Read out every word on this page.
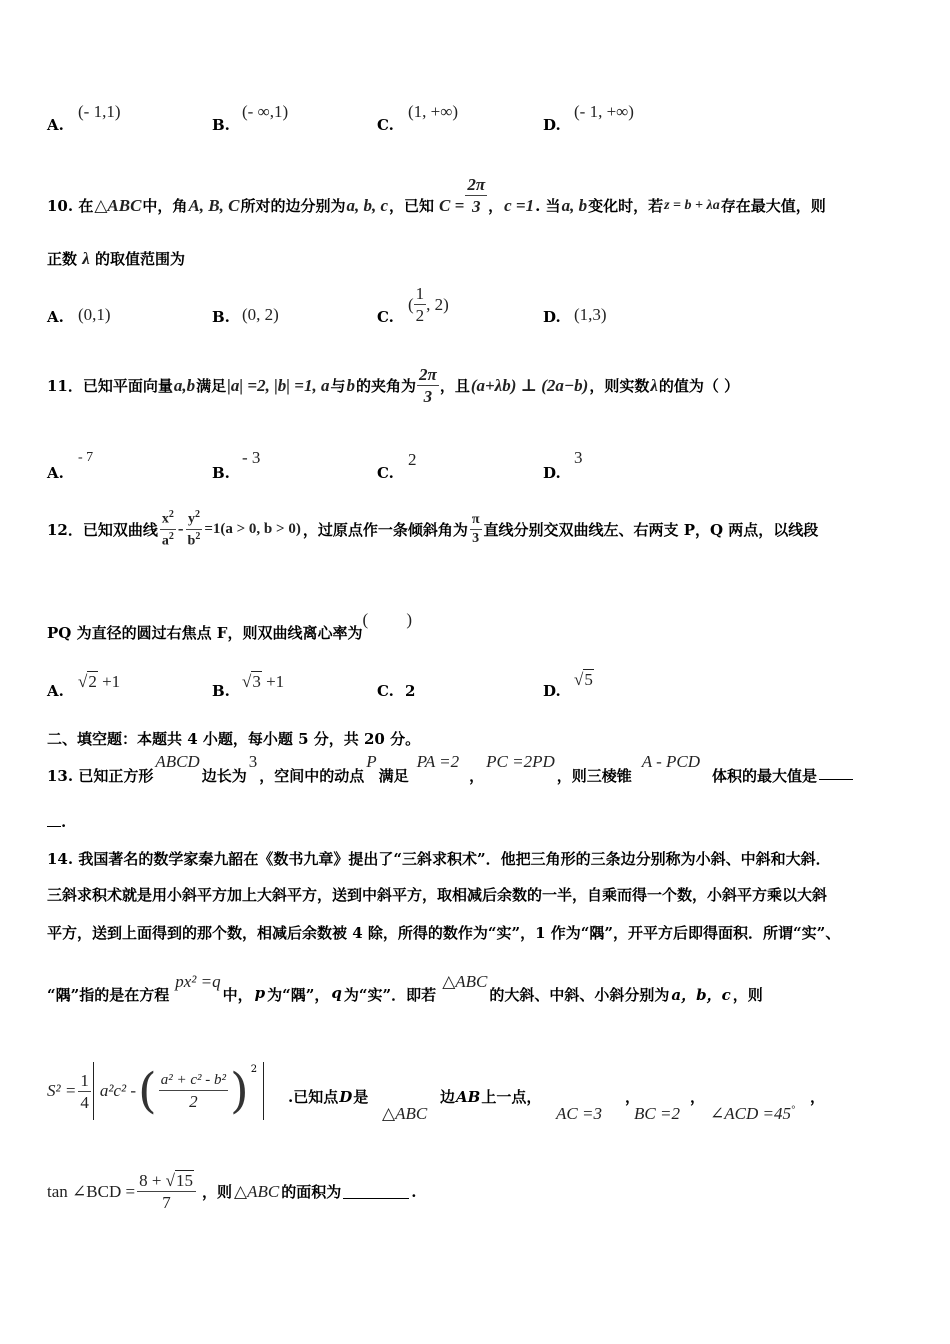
A.
(- 1,1)
B.
(- ∞,1)
C.
(1, +∞)
D.
(- 1, +∞)
10. 在 △ABC 中，角 A, B, C 所对的边分别为 a, b, c ，已知 $C = \frac{2\pi}{3}$ ， c =1 . 当 a, b 变化时，若 z = b + λa 存在最大值，则
正数 λ 的取值范围为
A. (0,1)	B. (0, 2)	C.
( $\frac{1}{2}$ , 2)
D. (1,3)
11．已知平面向量 a,b 满足 |a| =2, |b| =1, a 与 b 的夹角为 $\frac{2\pi}{3}$ ，且 (a+λb) ⊥ (2a−b) ，则实数 λ 的值为（ ）
A.
- 7
B.
- 3
C.
2
D.
3
12．已知双曲线 $\frac{x^2}{a^2} - \frac{y^2}{b^2} =1(a > 0$, b > 0) ，过原点作一条倾斜角为 $\frac{\pi}{3}$ 直线分别交双曲线左、右两支 P，Q 两点，以线段
PQ 为直径的圆过右焦点 F，则双曲线离心率为
(         )
A. √2 +1	B. √3 +1	C. 2	D.
√5
二、填空题：本题共 4 小题，每小题 5 分，共 20 分。
13. 已知正方形
ABCD
边长为
3
，空间中的动点
P
满足
PA =2
，
PC =2PD
，则三棱锥
A - PCD
体积的最大值是
.
14. 我国著名的数学家秦九韶在《数书九章》提出了“三斜求积术”．他把三角形的三条边分别称为小斜、中斜和大斜．
三斜求积术就是用小斜平方加上大斜平方，送到中斜平方，取相减后余数的一半，自乘而得一个数，小斜平方乘以大斜
平方，送到上面得到的那个数，相减后余数被 4 除，所得的数作为“实”，1 作为“隅”，开平方后即得面积．所谓“实”、
“隅”指的是在方程
px² =q
中， p 为“隅”， q 为“实”．即若
△ABC
的大斜、中斜、小斜分别为 a，b，c ，则
$S^2 = \frac{1}{4} a^2c^2$ - ( $\frac{\text{a² + c² - b²}}{2} )^2$
.已知点 D 是
△ABC
边 AB 上一点，	，	，	，
AC =3 BC =2 ∠ACD =45°
tan ∠BCD = $\frac{8 + √15}{7}$ ，则 △ABC 的面积为	.
